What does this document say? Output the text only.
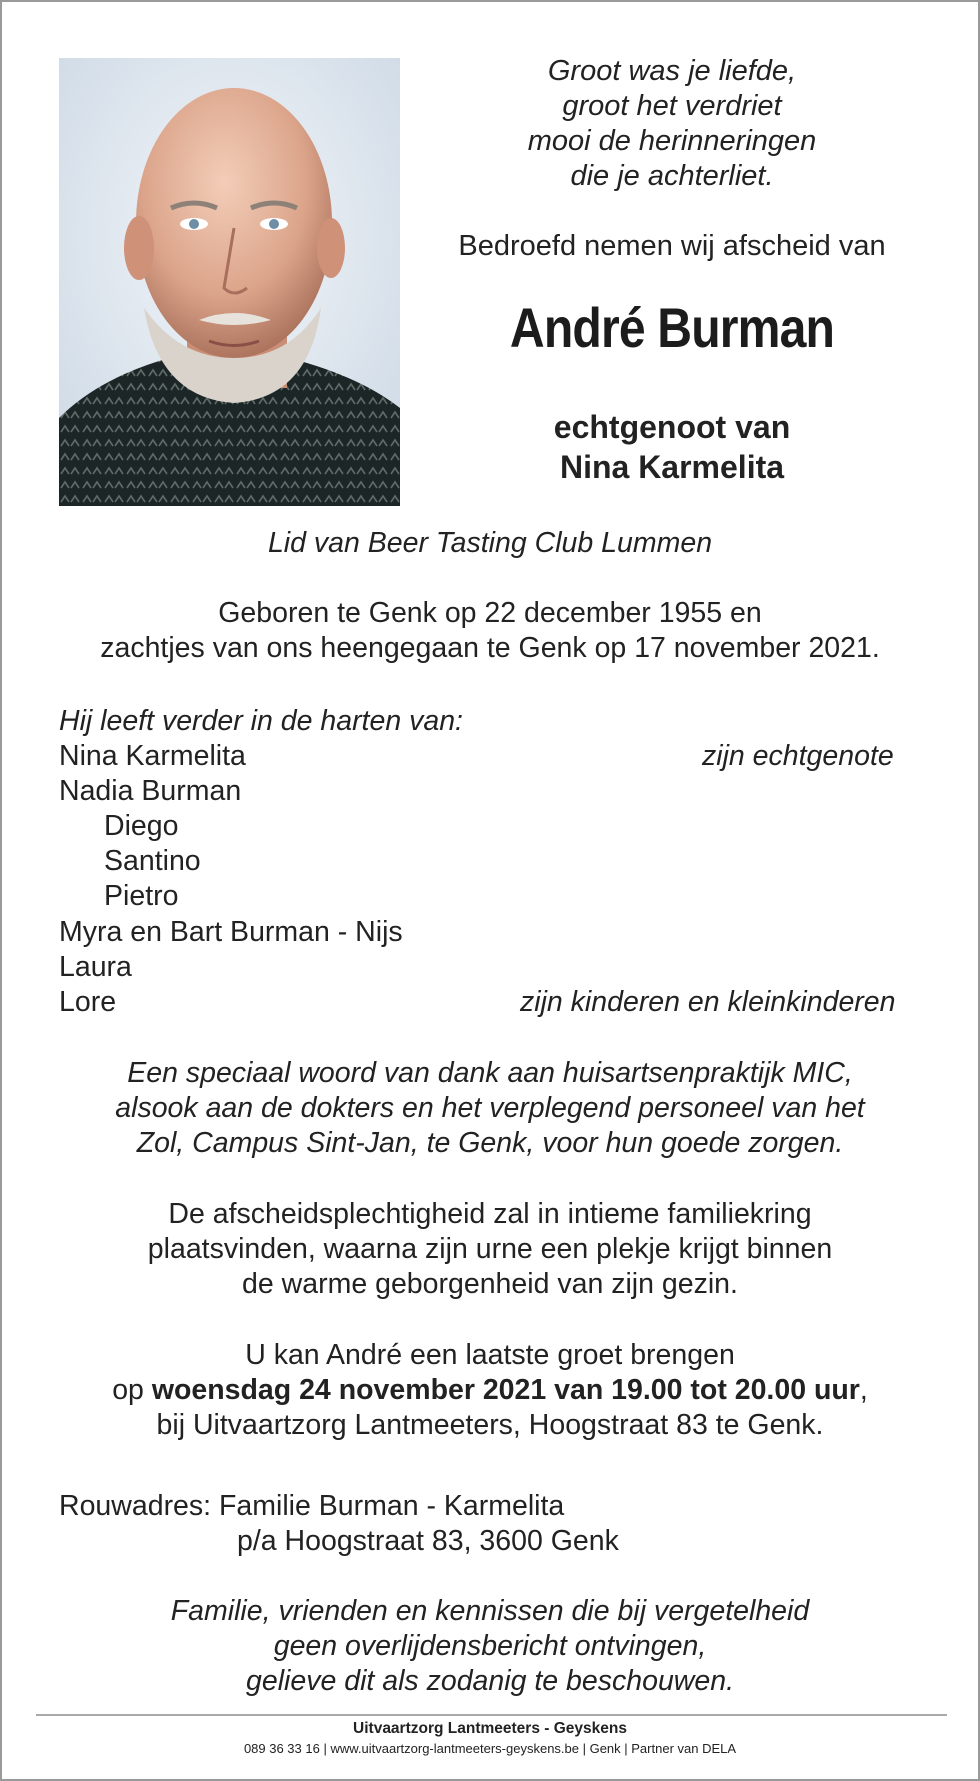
Groot was je liefde,
groot het verdriet
mooi de herinneringen
die je achterliet.
Bedroefd nemen wij afscheid van
André Burman
echtgenoot van
Nina Karmelita
Lid van Beer Tasting Club Lummen
Geboren te Genk op 22 december 1955 en
zachtjes van ons heengegaan te Genk op 17 november 2021.
Hij leeft verder in de harten van:
Nina Karmelita	zijn echtgenote
Nadia Burman
Diego
Santino
Pietro
Myra en Bart Burman - Nijs
Laura
Lore	zijn kinderen en kleinkinderen
Een speciaal woord van dank aan huisartsenpraktijk MIC,
alsook aan de dokters en het verplegend personeel van het
Zol, Campus Sint-Jan, te Genk, voor hun goede zorgen.
De afscheidsplechtigheid zal in intieme familiekring
plaatsvinden, waarna zijn urne een plekje krijgt binnen
de warme geborgenheid van zijn gezin.
U kan André een laatste groet brengen
op woensdag 24 november 2021 van 19.00 tot 20.00 uur,
bij Uitvaartzorg Lantmeeters, Hoogstraat 83 te Genk.
Rouwadres: Familie Burman - Karmelita
p/a Hoogstraat 83, 3600 Genk
Familie, vrienden en kennissen die bij vergetelheid
geen overlijdensbericht ontvingen,
gelieve dit als zodanig te beschouwen.
Uitvaartzorg Lantmeeters - Geyskens
089 36 33 16 | www.uitvaartzorg-lantmeeters-geyskens.be | Genk | Partner van DELA
